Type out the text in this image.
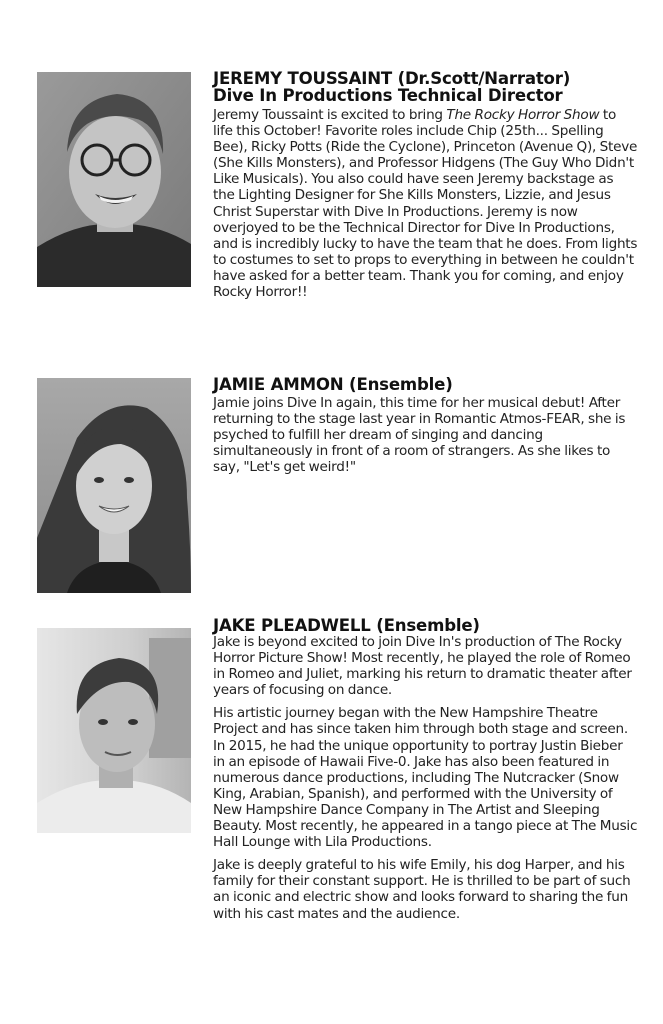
JEREMY TOUSSAINT (Dr.Scott/Narrator)
Dive In Productions Technical Director

Jeremy Toussaint is excited to bring The Rocky Horror Show to life this October! Favorite roles include Chip (25th... Spelling Bee), Ricky Potts (Ride the Cyclone), Princeton (Avenue Q), Steve (She Kills Monsters), and Professor Hidgens (The Guy Who Didn't Like Musicals). You also could have seen Jeremy backstage as the Lighting Designer for She Kills Monsters, Lizzie, and Jesus Christ Superstar with Dive In Productions. Jeremy is now overjoyed to be the Technical Director for Dive In Productions, and is incredibly lucky to have the team that he does. From lights to costumes to set to props to everything in between he couldn't have asked for a better team. Thank you for coming, and enjoy Rocky Horror!!

JAMIE AMMON (Ensemble)

Jamie joins Dive In again, this time for her musical debut! After returning to the stage last year in Romantic Atmos-FEAR, she is psyched to fulfill her dream of singing and dancing simultaneously in front of a room of strangers. As she likes to say, "Let's get weird!"

JAKE PLEADWELL (Ensemble)

Jake is beyond excited to join Dive In's production of The Rocky Horror Picture Show! Most recently, he played the role of Romeo in Romeo and Juliet, marking his return to dramatic theater after years of focusing on dance.

His artistic journey began with the New Hampshire Theatre Project and has since taken him through both stage and screen. In 2015, he had the unique opportunity to portray Justin Bieber in an episode of Hawaii Five-0. Jake has also been featured in numerous dance productions, including The Nutcracker (Snow King, Arabian, Spanish), and performed with the University of New Hampshire Dance Company in The Artist and Sleeping Beauty. Most recently, he appeared in a tango piece at The Music Hall Lounge with Lila Productions.

Jake is deeply grateful to his wife Emily, his dog Harper, and his family for their constant support. He is thrilled to be part of such an iconic and electric show and looks forward to sharing the fun with his cast mates and the audience.
